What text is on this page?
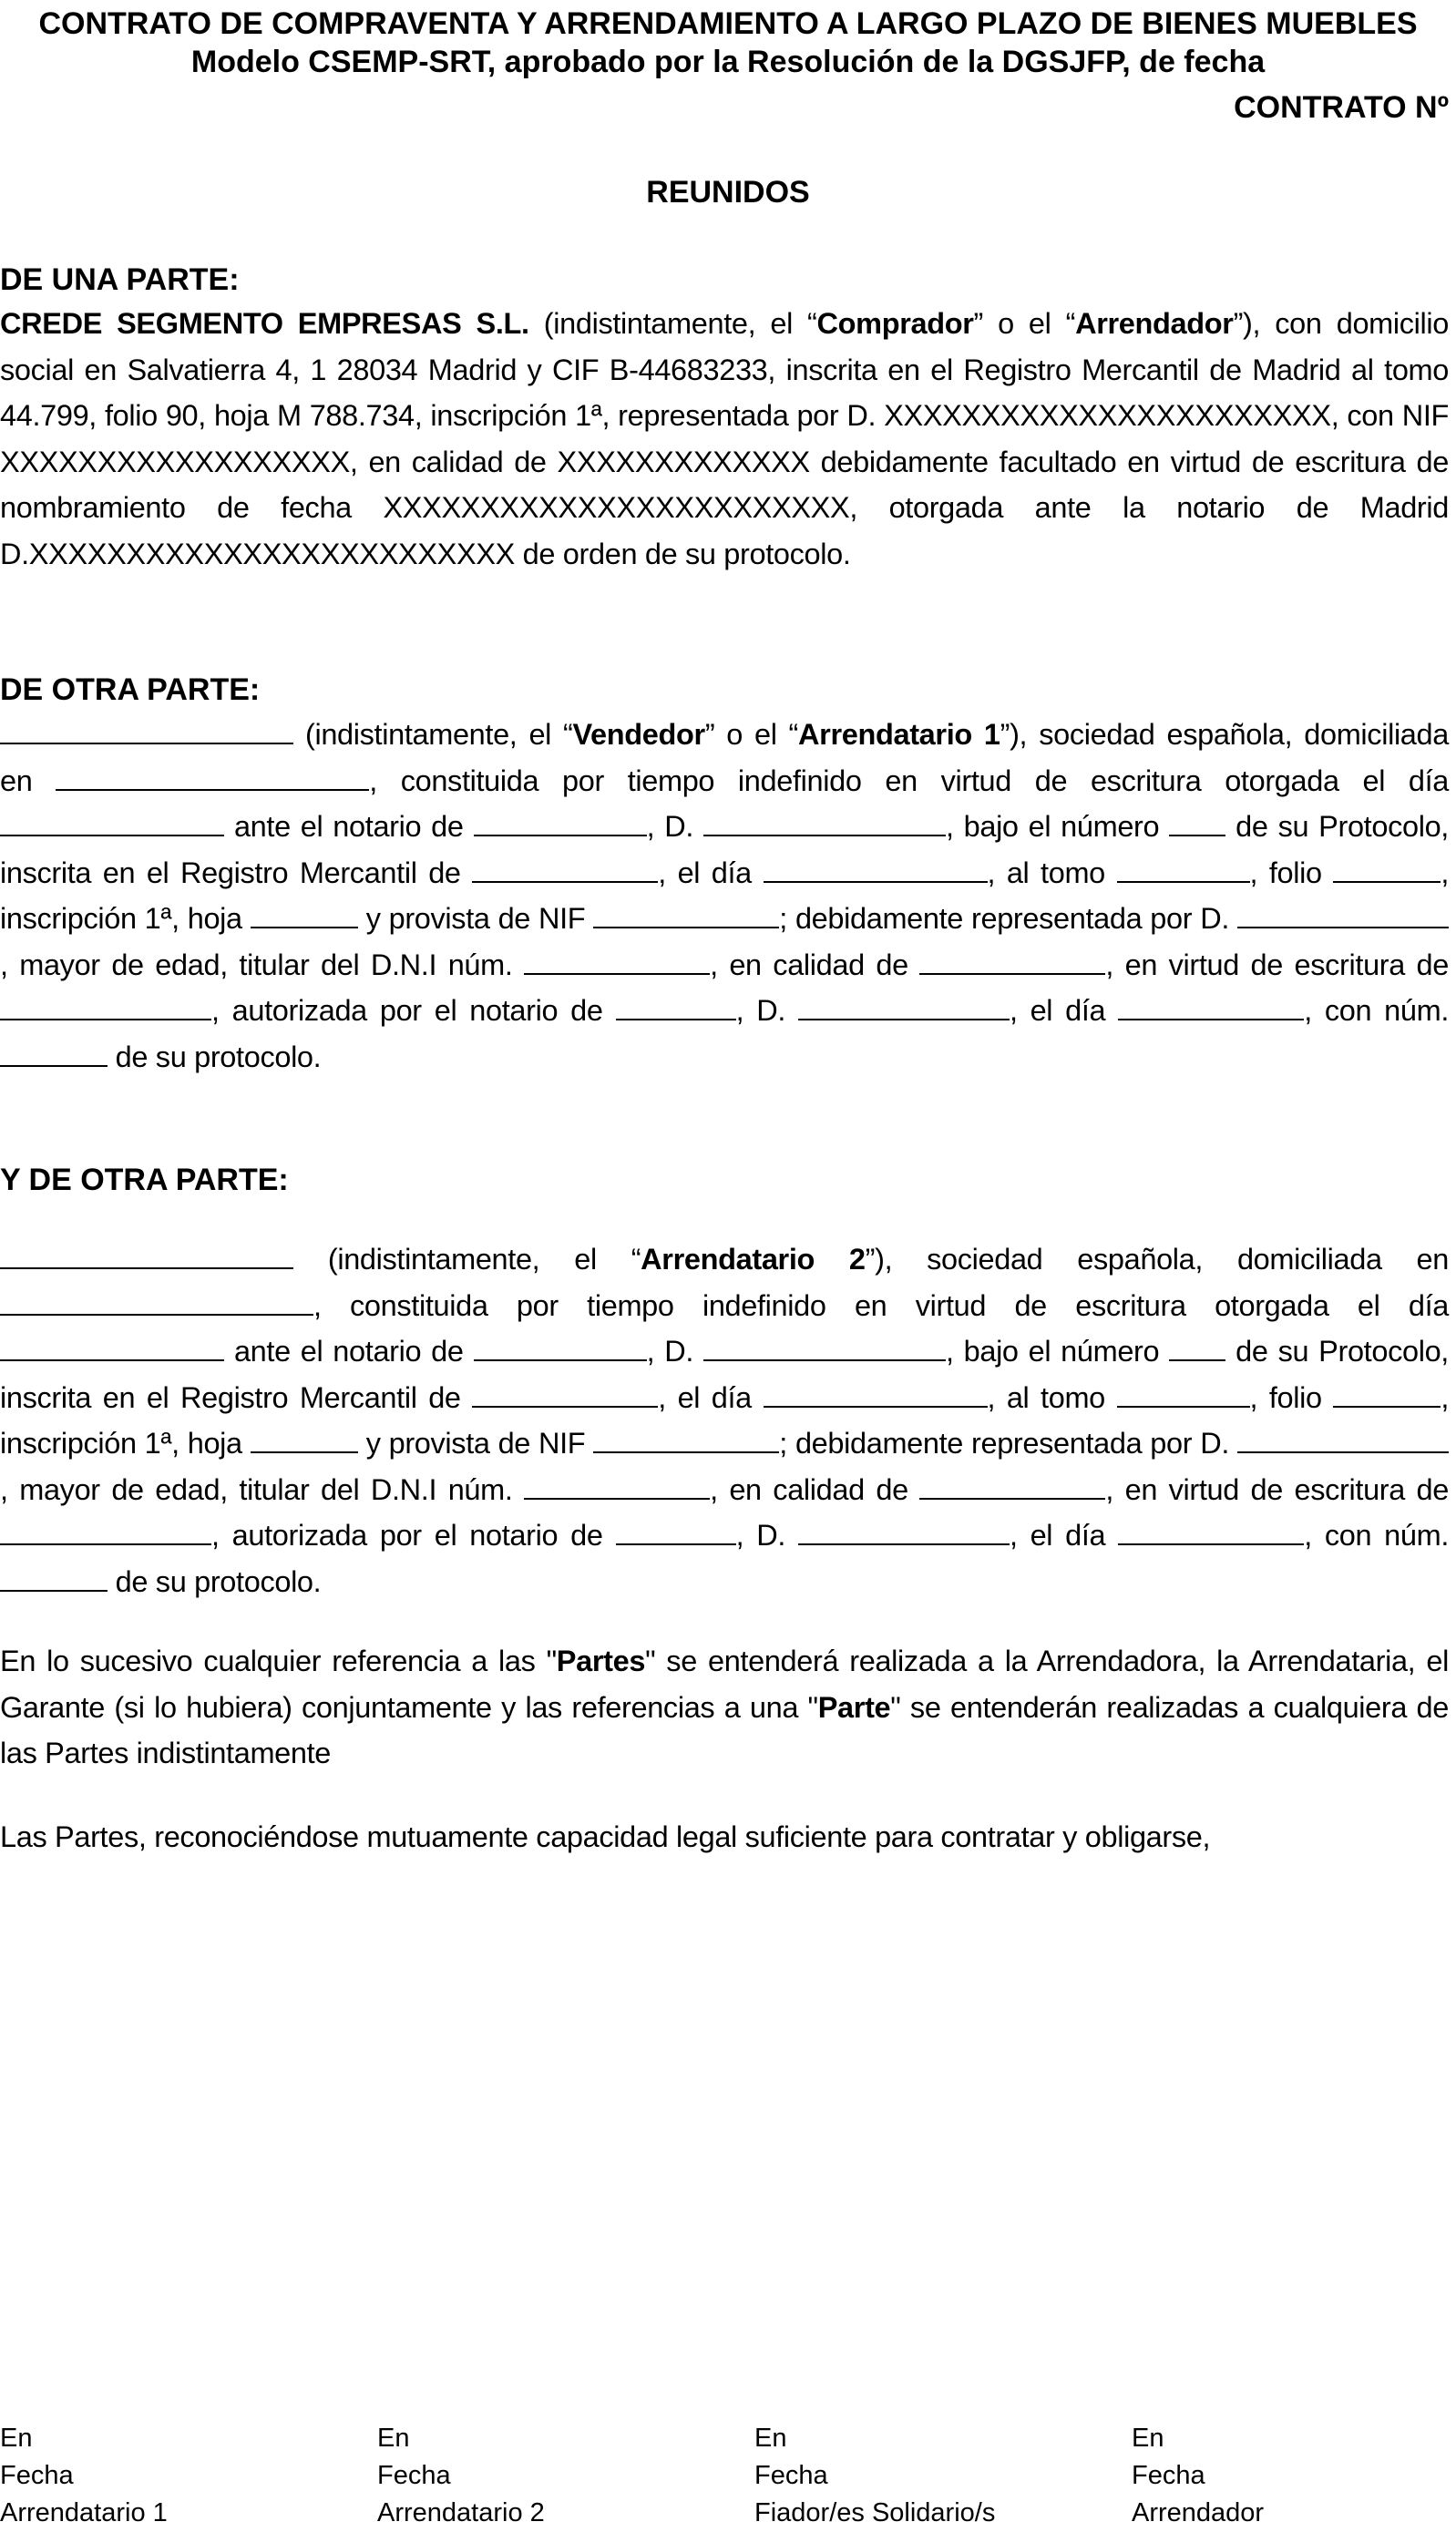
CONTRATO DE COMPRAVENTA Y ARRENDAMIENTO A LARGO PLAZO DE BIENES MUEBLES
Modelo CSEMP-SRT, aprobado por la Resolución de la DGSJFP, de fecha
CONTRATO Nº
REUNIDOS
DE UNA PARTE:
CREDE SEGMENTO EMPRESAS S.L. (indistintamente, el “Comprador” o el “Arrendador”), con domicilio social en Salvatierra 4, 1 28034 Madrid y CIF B-44683233, inscrita en el Registro Mercantil de Madrid al tomo 44.799, folio 90, hoja M 788.734, inscripción 1ª, representada por D. XXXXXXXXXXXXXXXXXXXXXXX, con NIF XXXXXXXXXXXXXXXXXX, en calidad de XXXXXXXXXXXXX debidamente facultado en virtud de escritura de nombramiento de fecha XXXXXXXXXXXXXXXXXXXXXXXX, otorgada ante la notario de Madrid D.XXXXXXXXXXXXXXXXXXXXXXXXX de orden de su protocolo.
DE OTRA PARTE:
(indistintamente, el “Vendedor” o el “Arrendatario 1”), sociedad española, domiciliada en	, constituida por tiempo indefinido en virtud de escritura otorgada el día  ante el notario de	, D.	, bajo el número  de su Protocolo, inscrita en el Registro Mercantil de	, el día	, al tomo	, folio	, inscripción 1ª, hoja	y provista de NIF	; debidamente representada por D. , mayor de edad, titular del D.N.I núm.	, en calidad de	, en virtud de escritura de , autorizada por el notario de	, D.	, el día	, con núm.  de su protocolo.
Y DE OTRA PARTE:
(indistintamente, el “Arrendatario 2”), sociedad española, domiciliada en , constituida por tiempo indefinido en virtud de escritura otorgada el día  ante el notario de	, D.	, bajo el número  de su Protocolo, inscrita en el Registro Mercantil de	, el día	, al tomo	, folio	, inscripción 1ª, hoja	y provista de NIF	; debidamente representada por D. , mayor de edad, titular del D.N.I núm.	, en calidad de	, en virtud de escritura de , autorizada por el notario de	, D.	, el día	, con núm.  de su protocolo.
En lo sucesivo cualquier referencia a las "Partes" se entenderá realizada a la Arrendadora, la Arrendataria, el Garante (si lo hubiera) conjuntamente y las referencias a una "Parte" se entenderán realizadas a cualquiera de las Partes indistintamente
Las Partes, reconociéndose mutuamente capacidad legal suficiente para contratar y obligarse,
En
Fecha
Arrendatario 1
En
Fecha
Arrendatario 2
En
Fecha
Fiador/es Solidario/s
En
Fecha
Arrendador
